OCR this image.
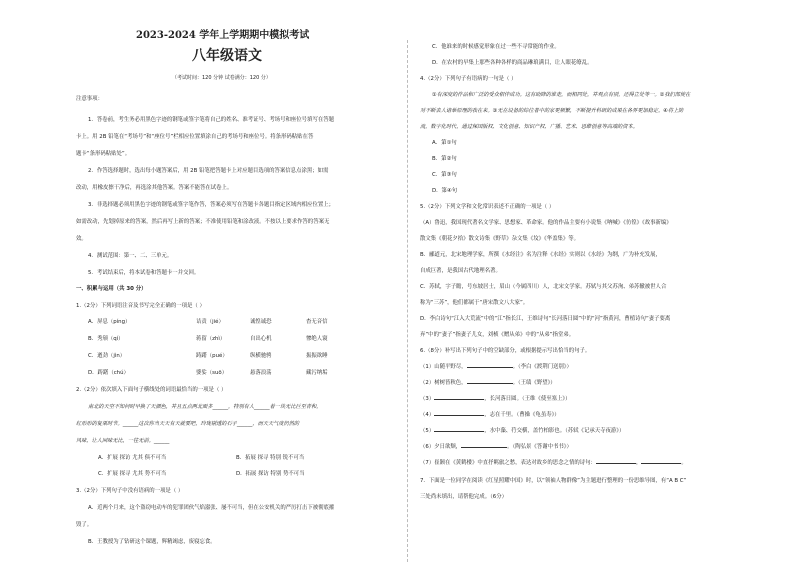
2023-2024 学年上学期期中模拟考试
八年级语文
（考试时间：120 分钟 试卷满分：120 分）
注意事项：
1．答卷前，考生务必用黑色字迹的钢笔或签字笔将自己的姓名、准考证号、考场号和座位号填写在答题
卡上。用 2B 铅笔在“考场号”和“座位号”栏相应位置填涂自己的考场号和座位号。将条形码粘贴在答
题卡“条形码粘贴处”。
2．作答选择题时，选出每小题答案后，用 2B 铅笔把答题卡上对应题目选项的答案信息点涂黑；如需
改动，用橡皮擦干净后，再选涂其他答案。答案不能答在试卷上。
3．非选择题必须用黑色字迹的钢笔或签字笔作答，答案必须写在答题卡各题目指定区域内相应位置上；
如需改动，先划掉原来的答案，然后再写上新的答案；不准使用铅笔和涂改液。不按以上要求作答的答案无
效。
4．测试范围：第一、二、三单元。
5．考试结束后，将本试卷和答题卡一并交回。
一、积累与运用（共 30 分）
1.（2分）下列词语注音及书写完全正确的一项是（ ）
A．屏息（píng）	诘责（jié）	诚惶诚恐	杳无音信
B．秀颀（qí）	蒋留（zhì）	自出心机	惨绝人寰
C．遒劲（jìn）	踌躇（pué）	纵横驰骋	振振欲睡
D．踌躇（chú）	婆娑（suō）	悬落浪荡	藏污纳垢
2.（2分）依次填入下面句子横线处的词语最恰当的一项是（ ）
南北的天空不知何时早换了天颜色，并且五点两北面多______，特别有人______着一块无比巨至青和，
红形形的复果时节。______这次你当天天有天就要吧，玲珑剔透的石子______，而天天气度仍然的
风味，让人回味无比，一往无前。______
A．扩展 探访 尤其 俱不可当	B．拓展 探寻 特别 锐不可当
C．扩展 探寻 尤其 势不可当	D．拓展 探访 特别 势不可当
3.（2分）下列句子中没有语病的一项是（ ）
A．近两个月来，这个盗窃电动车的犯罪团伙气焰嚣张、屡不可当，但在公安机关的严厉打击下被彻底摧
毁了。
B．王教授为了钻研这个课题，辉精竭虑，废寝忘食。
C．他谁来的时候感觉形象在过一些不寻常能的作业。
D．在农村的早集上那些各种各样的商品琳琅满目，让人眼花缭乱。
4.（2分）下列句子有语病的一句是（ ）
①有深度的作品和广泛的受众相伴成功。这有助降的谁走，而相同处，并观点有别，还得立处等一。②我们部使在
对不断去人诸举原理的我在来。③无在设备的综位者中的家更频繁，不断提升科研的成果在各界更加稳定。④将上防
流，数字化时代，通过保国版权、文化创意、知识产权、广播、艺术、思维创意等高端的资本。
A．第①句
B．第②句
C．第③句
D．第④句
5.（2分）下列文学和文化常识表述不正确的一项是（ ）
（A）鲁迅，我国现代著名文学家、思想家、革命家。他的作品主要有小说集《呐喊》《彷徨》《故事新编》
散文集《朝花夕拾》散文诗集《野草》杂文集《坟》《华盖集》等。
B．郦道元，北宋地理学家，所撰《水经注》名为注释《水经》实则以《水经》为纲，广为补充发展，
自成巨著，是我国古代地理名著。
C．苏轼，字子瞻，号东坡居士，眉山（今属四川）人，北宋文学家。苏轼与其父苏洵、弟苏辙被世人合
称为“三苏”，他们都属于“唐宋散文八大家”。
D．李白诗句“江入大荒流”中的“江”指长江，王维诗句“长河落日圆”中的“河”指黄河，曹植诗句“妻子要离
弃”中的“妻子”指妻子儿女，刘桢《赠从弟》中的“从弟”指堂弟。
6.（8分）补写出下列句子中的空缺部分，或根据提示写出恰当的句子。
（1）山随平野尽，	。（李白《渡荆门送别》）
（2）树树皆秋色，	。（王绩《野望》）
（3）	，长河落日圆。（王维《使至塞上》）
（4）	，志在千里。（曹操《龟虽寿》）
（5）	，水中藻、荇交横，盖竹柏影也。（苏轼《记承天寺夜游》）
（6）夕日欲颓，	。（陶弘景《答谢中书书》）
（7）崔颢在《黄鹤楼》中直抒羁旅之愁，表达对故乡的思念之情的诗句：	，	。
7．下面是一位同学在阅读《红星照耀中国》时，以“领袖人物群像”为主题进行整理的一份思维导图，有“A B C”
三处尚未填出，请帮他完成。（6分）
